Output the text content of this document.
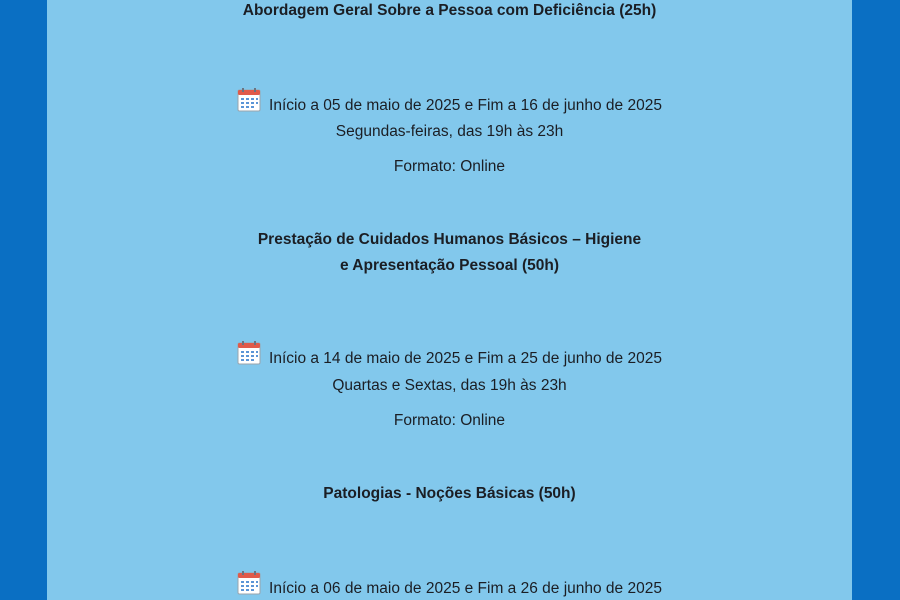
Abordagem Geral Sobre a Pessoa com Deficiência (25h)
Início a 05 de maio de 2025 e Fim a 16 de junho de 2025
Segundas-feiras, das 19h às 23h
Formato: Online
Prestação de Cuidados Humanos Básicos – Higiene
e Apresentação Pessoal (50h)
Início a 14 de maio de 2025 e Fim a 25 de junho de 2025
Quartas e Sextas, das 19h às 23h
Formato: Online
Patologias - Noções Básicas (50h)
Início a 06 de maio de 2025 e Fim a 26 de junho de 2025
